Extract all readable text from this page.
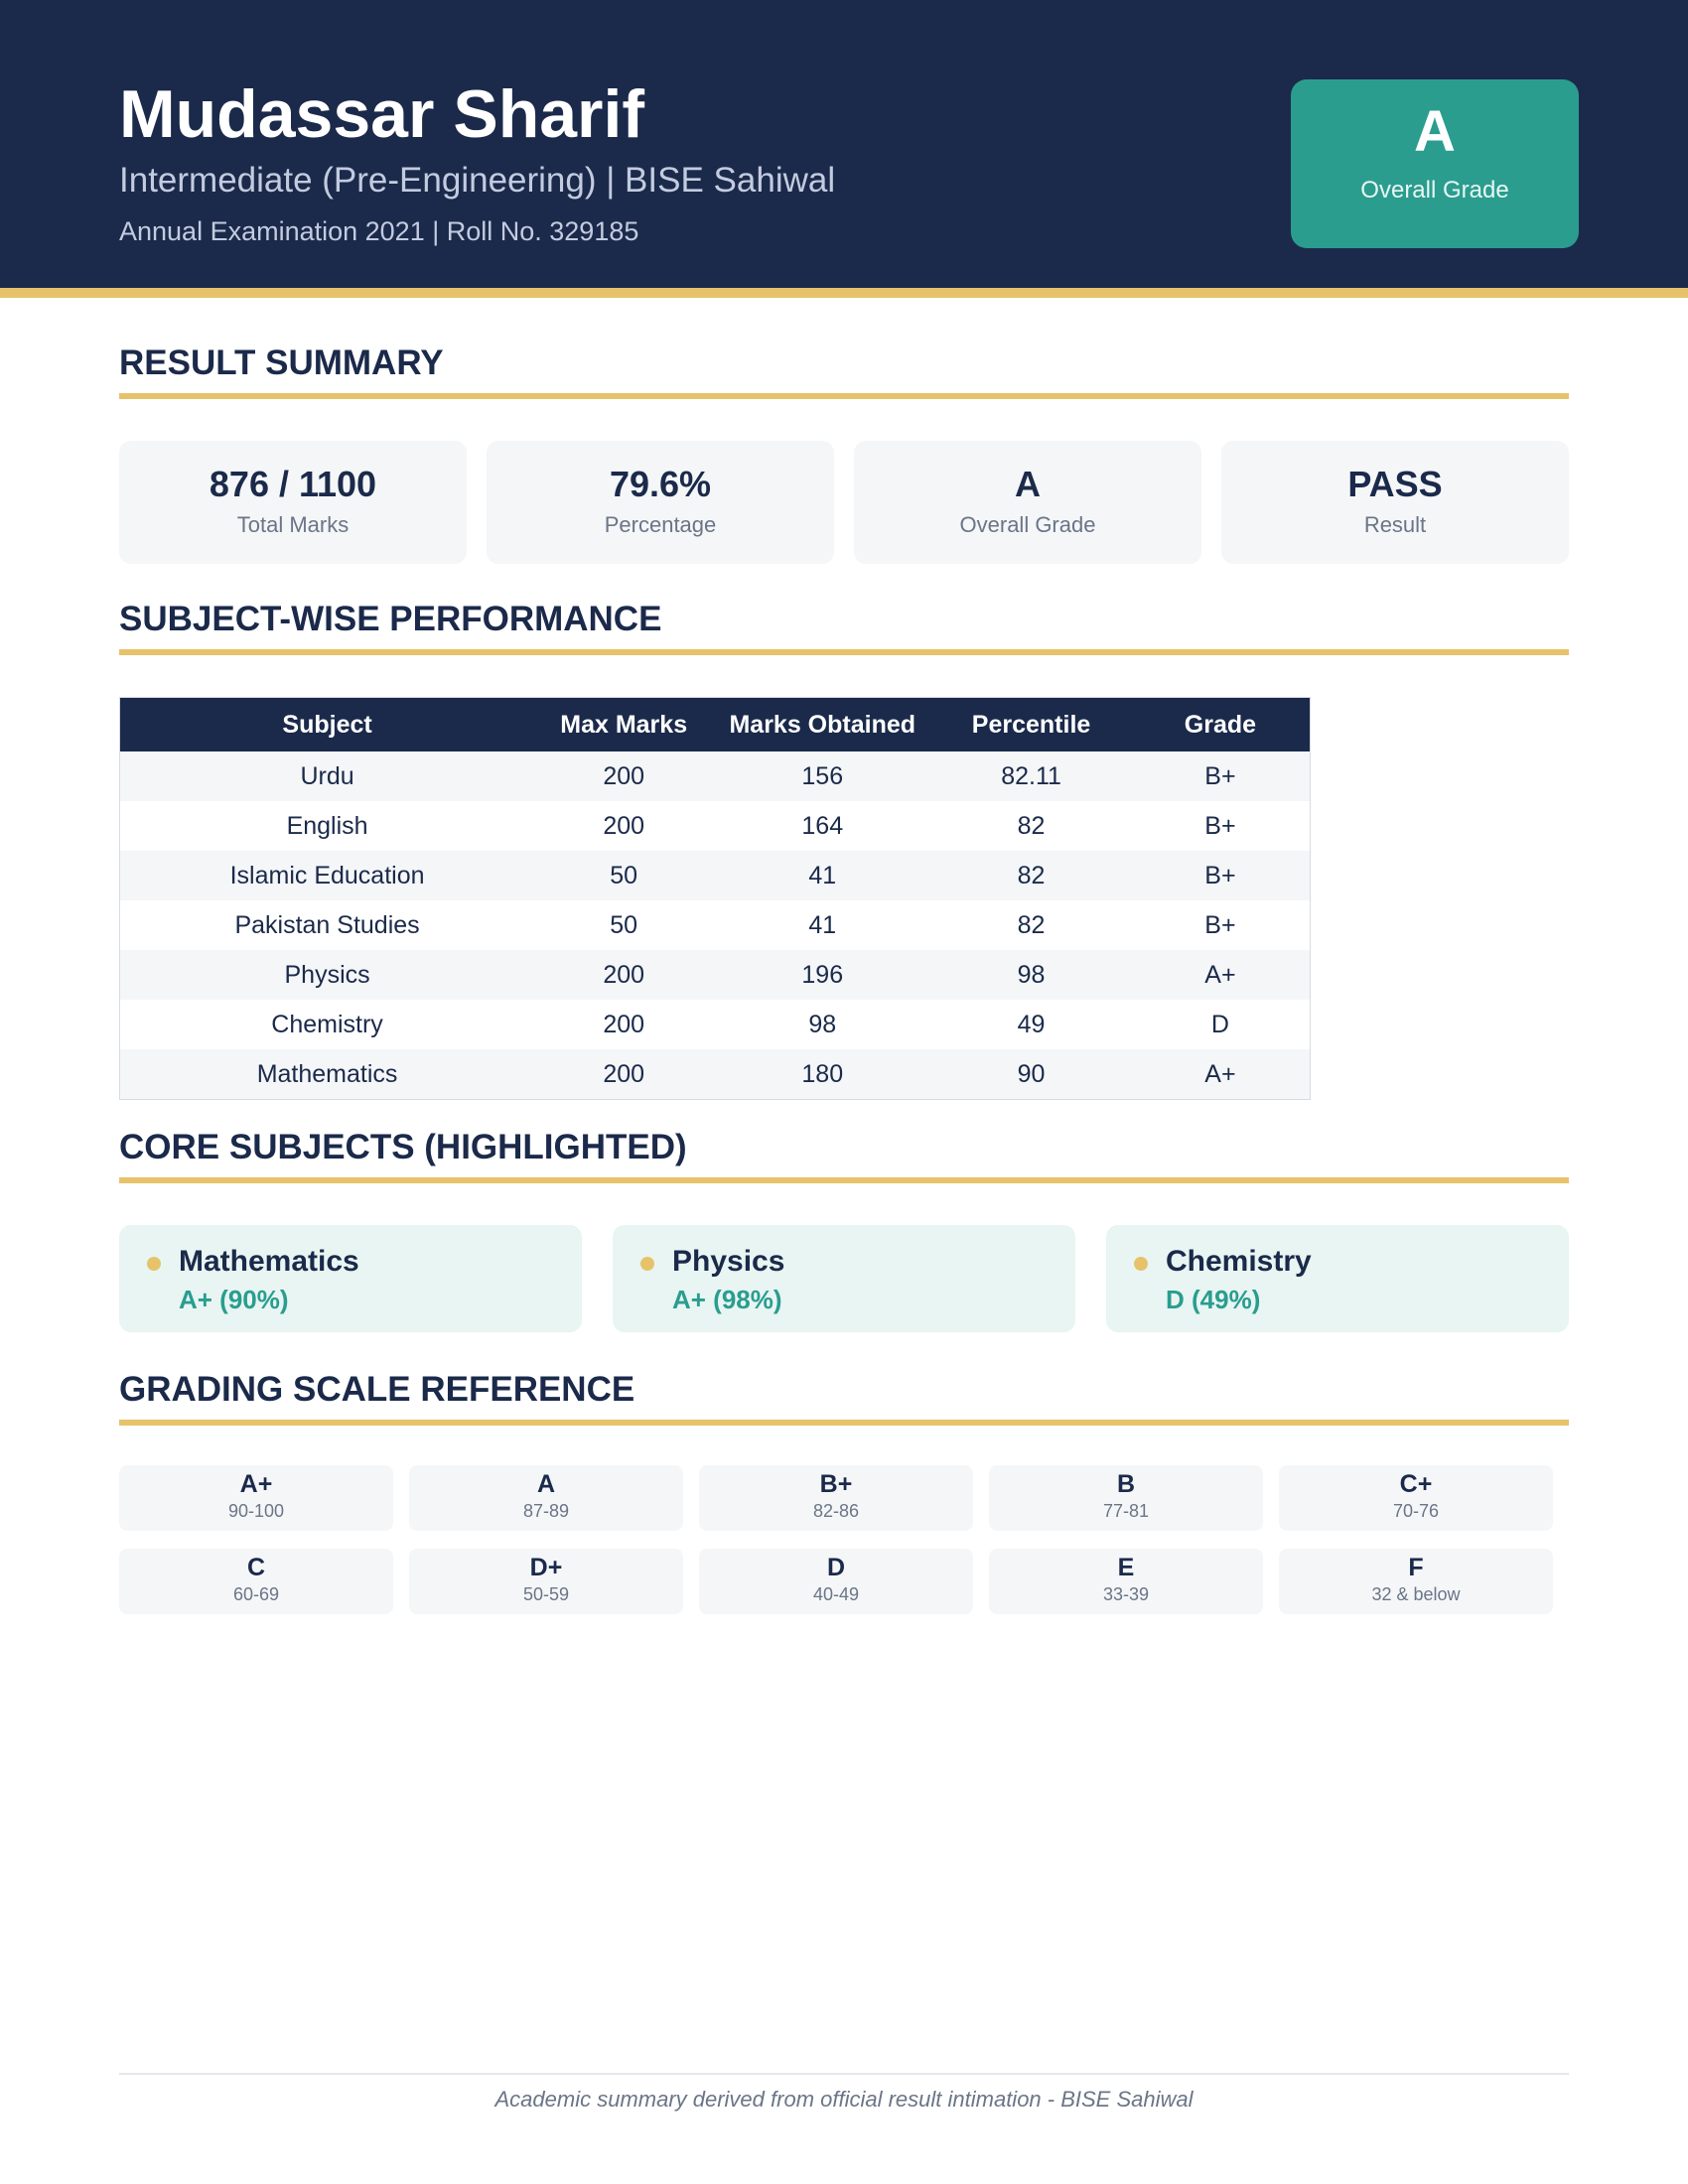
Mudassar Sharif
Intermediate (Pre-Engineering) | BISE Sahiwal
Annual Examination 2021 | Roll No. 329185
A
Overall Grade
RESULT SUMMARY
876 / 1100
Total Marks
79.6%
Percentage
A
Overall Grade
PASS
Result
SUBJECT-WISE PERFORMANCE
Subject	Max Marks	Marks Obtained	Percentile	Grade
Urdu	200	156	82.11	B+
English	200	164	82	B+
Islamic Education	50	41	82	B+
Pakistan Studies	50	41	82	B+
Physics	200	196	98	A+
Chemistry	200	98	49	D
Mathematics	200	180	90	A+
CORE SUBJECTS (HIGHLIGHTED)
Mathematics
A+ (90%)
Physics
A+ (98%)
Chemistry
D (49%)
GRADING SCALE REFERENCE
A+
90-100
A
87-89
B+
82-86
B
77-81
C+
70-76
C
60-69
D+
50-59
D
40-49
E
33-39
F
32 & below
Academic summary derived from official result intimation - BISE Sahiwal
